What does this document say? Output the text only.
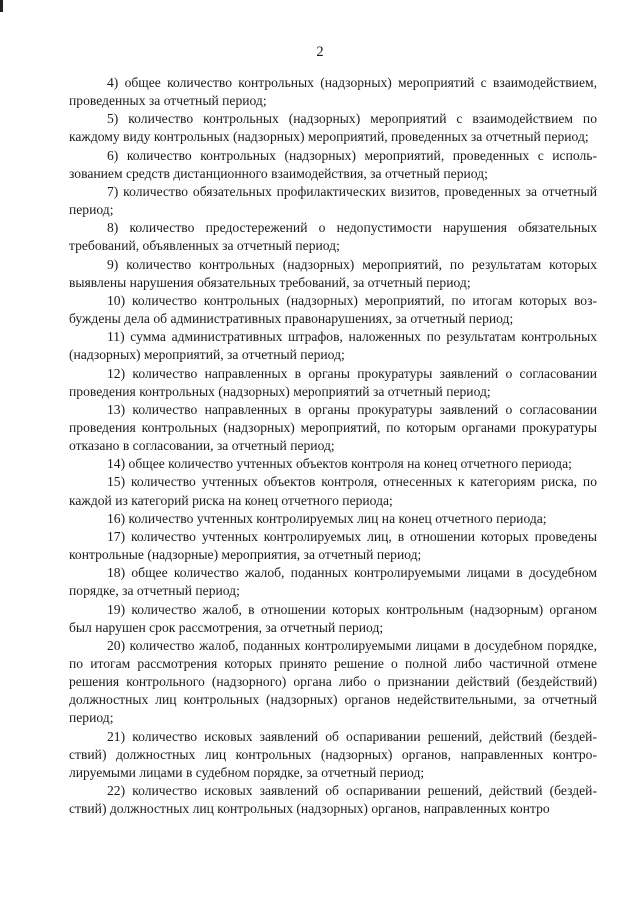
2

4) общее количество контрольных (надзорных) мероприятий с взаимодействием, проведенных за отчетный период;

5) количество контрольных (надзорных) мероприятий с взаимодействием по каждому виду контрольных (надзорных) мероприятий, проведенных за отчетный период;

6) количество контрольных (надзорных) мероприятий, проведенных с использованием средств дистанционного взаимодействия, за отчетный период;

7) количество обязательных профилактических визитов, проведенных за отчетный период;

8) количество предостережений о недопустимости нарушения обязательных требований, объявленных за отчетный период;

9) количество контрольных (надзорных) мероприятий, по результатам которых выявлены нарушения обязательных требований, за отчетный период;

10) количество контрольных (надзорных) мероприятий, по итогам которых возбуждены дела об административных правонарушениях, за отчетный период;

11) сумма административных штрафов, наложенных по результатам контрольных (надзорных) мероприятий, за отчетный период;

12) количество направленных в органы прокуратуры заявлений о согласовании проведения контрольных (надзорных) мероприятий за отчетный период;

13) количество направленных в органы прокуратуры заявлений о согласовании проведения контрольных (надзорных) мероприятий, по которым органами прокуратуры отказано в согласовании, за отчетный период;

14) общее количество учтенных объектов контроля на конец отчетного периода;

15) количество учтенных объектов контроля, отнесенных к категориям риска, по каждой из категорий риска на конец отчетного периода;

16) количество учтенных контролируемых лиц на конец отчетного периода;

17) количество учтенных контролируемых лиц, в отношении которых проведены контрольные (надзорные) мероприятия, за отчетный период;

18) общее количество жалоб, поданных контролируемыми лицами в досудебном порядке, за отчетный период;

19) количество жалоб, в отношении которых контрольным (надзорным) органом был нарушен срок рассмотрения, за отчетный период;

20) количество жалоб, поданных контролируемыми лицами в досудебном порядке, по итогам рассмотрения которых принято решение о полной либо частичной отмене решения контрольного (надзорного) органа либо о признании действий (бездействий) должностных лиц контрольных (надзорных) органов недействительными, за отчетный период;

21) количество исковых заявлений об оспаривании решений, действий (бездействий) должностных лиц контрольных (надзорных) органов, направленных контролируемыми лицами в судебном порядке, за отчетный период;

22) количество исковых заявлений об оспаривании решений, действий (бездействий) должностных лиц контрольных (надзорных) органов, направленных контро
